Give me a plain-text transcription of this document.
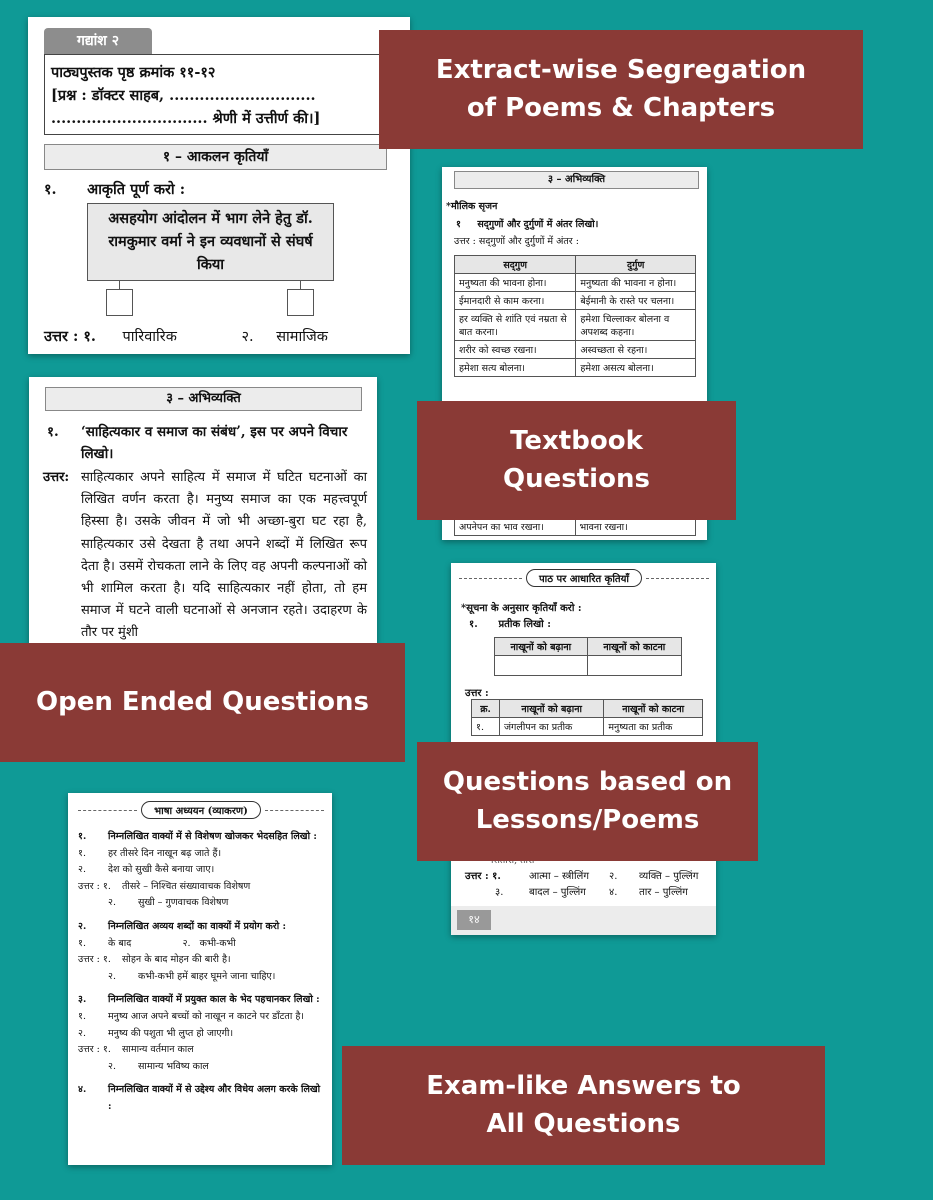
गद्यांश २
पाठ्यपुस्तक पृष्ठ क्रमांक ११-१२
[प्रश्न : डॉक्टर साहब, .............................
............................... श्रेणी में उत्तीर्ण की।]
१ – आकलन कृतियाँ
१. आकृति पूर्ण करो :
असहयोग आंदोलन में भाग लेने हेतु डॉ. रामकुमार वर्मा ने इन व्यवधानों से संघर्ष किया
उत्तर : १. पारिवारिक	२. सामाजिक
३ – अभिव्यक्ति
*मौलिक सृजन
१ सद्‌गुणों और दुर्गुणों में अंतर लिखो।
उत्तर : सद्‌गुणों और दुर्गुणों में अंतर :
सद्‌गुण	दुर्गुण
मनुष्यता की भावना होना।	मनुष्यता की भावना न होना।
ईमानदारी से काम करना।	बेईमानी के रास्ते पर चलना।
हर व्यक्ति से शांति एवं नम्रता से बात करना।	हमेशा चिल्लाकर बोलना व अपशब्द कहना।
शरीर को स्वच्छ रखना।	अस्वच्छता से रहना।
हमेशा सत्य बोलना।	हमेशा असत्य बोलना।
अपनेपन का भाव रखना।	भावना रखना।
३ – अभिव्यक्ति
१.	‘साहित्यकार व समाज का संबंध’, इस पर अपने विचार लिखो।
उत्तर: साहित्यकार अपने साहित्य में समाज में घटित घटनाओं का लिखित वर्णन करता है। मनुष्य समाज का एक महत्त्वपूर्ण हिस्सा है। उसके जीवन में जो भी अच्छा-बुरा घट रहा है, साहित्यकार उसे देखता है तथा अपने शब्दों में लिखित रूप देता है। उसमें रोचकता लाने के लिए वह अपनी कल्पनाओं को भी शामिल करता है। यदि साहित्यकार नहीं होता, तो हम समाज में घटने वाली घटनाओं से अनजान रहते। उदाहरण के तौर पर मुंशी
पाठ पर आधारित कृतियाँ
*सूचना के अनुसार कृतियाँ करो :
१. प्रतीक लिखो :
नाखूनों को बढ़ाना	नाखूनों को काटना

उत्तर :
क्र.	नाखूनों को बढ़ाना	नाखूनों को काटना
१.	जंगलीपन का प्रतीक	मनुष्यता का प्रतीक
उत्तर : १.	आत्मा – स्त्रीलिंग	२.	व्यक्ति – पुल्लिंग
३.	बादल – पुल्लिंग	४.	तार – पुल्लिंग
१४
भाषा अध्ययन (व्याकरण)
१.	निम्नलिखित वाक्यों में से विशेषण खोजकर भेदसहित लिखो :
१.	हर तीसरे दिन नाखून बढ़ जाते हैं।
२.	देश को सुखी कैसे बनाया जाए।
उत्तर : १.	तीसरे – निश्चित संख्यावाचक विशेषण
२.	सुखी – गुणवाचक विशेषण
२.	निम्नलिखित अव्यय शब्दों का वाक्यों में प्रयोग करो :
१.	के बाद                 २.   कभी-कभी
उत्तर : १.	सोहन के बाद मोहन की बारी है।
२.	कभी-कभी हमें बाहर घूमने जाना चाहिए।
३.	निम्नलिखित वाक्यों में प्रयुक्त काल के भेद पहचानकर लिखो :
१.	मनुष्य आज अपने बच्चों को नाखून न काटने पर डाँटता है।
२.	मनुष्य की पशुता भी लुप्त हो जाएगी।
उत्तर : १.	सामान्य वर्तमान काल
२.	सामान्य भविष्य काल
४.	निम्नलिखित वाक्यों में से उद्देश्य और विधेय अलग करके लिखो :
Extract-wise Segregation of Poems & Chapters
Textbook Questions
Open Ended Questions
Questions based on Lessons/Poems
Exam-like Answers to All Questions
